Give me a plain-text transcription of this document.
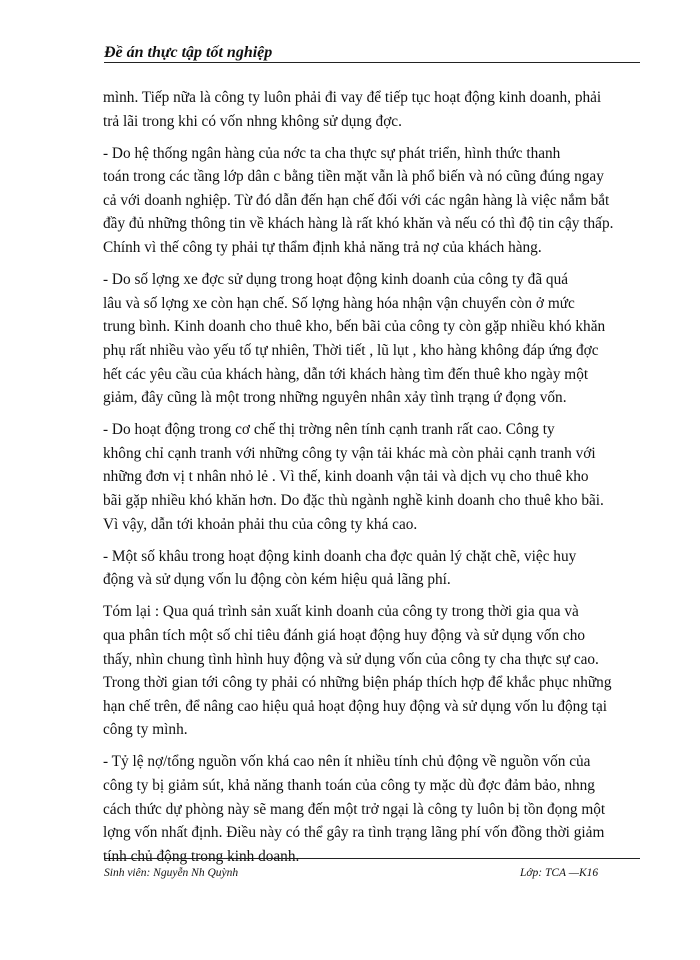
Đề án thực tập tốt nghiệp

mình. Tiếp nữa là công ty luôn phải đi vay để tiếp tục hoạt động kinh doanh, phải
trả lãi trong khi có vốn nhng không sử dụng đợc.

- Do hệ thống ngân hàng của nớc ta cha thực sự phát triển, hình thức thanh
toán trong các tầng lớp dân c bằng tiền mặt vẫn là phổ biến và nó cũng đúng ngay
cả với doanh nghiệp. Từ đó dẫn đến hạn chế đối với các ngân hàng là việc nắm bắt
đầy đủ những thông tin về khách hàng là rất khó khăn và nếu có thì độ tin cậy thấp.
Chính vì thế công ty phải tự thẩm định khả năng trả nợ của khách hàng.

- Do số lợng xe đợc sử dụng trong hoạt động kinh doanh của công ty đã quá
lâu và số lợng xe còn hạn chế. Số lợng hàng hóa nhận vận chuyển còn ở mức
trung bình. Kinh doanh cho thuê kho, bến bãi của công ty còn gặp nhiều khó khăn
phụ rất nhiều vào yếu tố tự nhiên, Thời tiết , lũ lụt , kho hàng không đáp ứng đợc
hết các yêu cầu của khách hàng, dẫn tới khách hàng tìm đến thuê kho ngày một
giảm, đây cũng là một trong những nguyên nhân xảy tình trạng ứ đọng vốn.

- Do hoạt động trong cơ chế thị trờng nên tính cạnh tranh rất cao. Công ty
không chỉ cạnh tranh với những công ty vận tải khác mà còn phải cạnh tranh với
những đơn vị t nhân nhỏ lẻ . Vì thế, kinh doanh vận tải và dịch vụ cho thuê kho
bãi gặp nhiều khó khăn hơn. Do đặc thù ngành nghề kinh doanh cho thuê kho bãi.
Vì vậy, dẫn tới khoản phải thu của công ty khá cao.

- Một số khâu trong hoạt động kinh doanh cha đợc quản lý chặt chẽ, việc huy
động và sử dụng vốn lu động còn kém hiệu quả lãng phí.

Tóm lại : Qua quá trình sản xuất kinh doanh của công ty trong thời gia qua và
qua phân tích một số chỉ tiêu đánh giá hoạt động huy động và sử dụng vốn cho
thấy, nhìn chung tình hình huy động và sử dụng vốn của công ty cha thực sự cao.
Trong thời gian tới công ty phải có những biện pháp thích hợp để khắc phục những
hạn chế trên, để nâng cao hiệu quả hoạt động huy động và sử dụng vốn lu động tại
công ty mình.

- Tỷ lệ nợ/tổng nguồn vốn khá cao nên ít nhiều tính chủ động về nguồn vốn của
công ty bị giảm sút, khả năng thanh toán của công ty mặc dù đợc đảm bảo, nhng
cách thức dự phòng này sẽ mang đến một trở ngại là công ty luôn bị tồn đọng một
lợng vốn nhất định. Điều này có thể gây ra tình trạng lãng phí vốn đồng thời giảm
tính chủ động trong kinh doanh.

Sinh viên: Nguyễn Nh Quỳnh	Lớp: TCA —K16
